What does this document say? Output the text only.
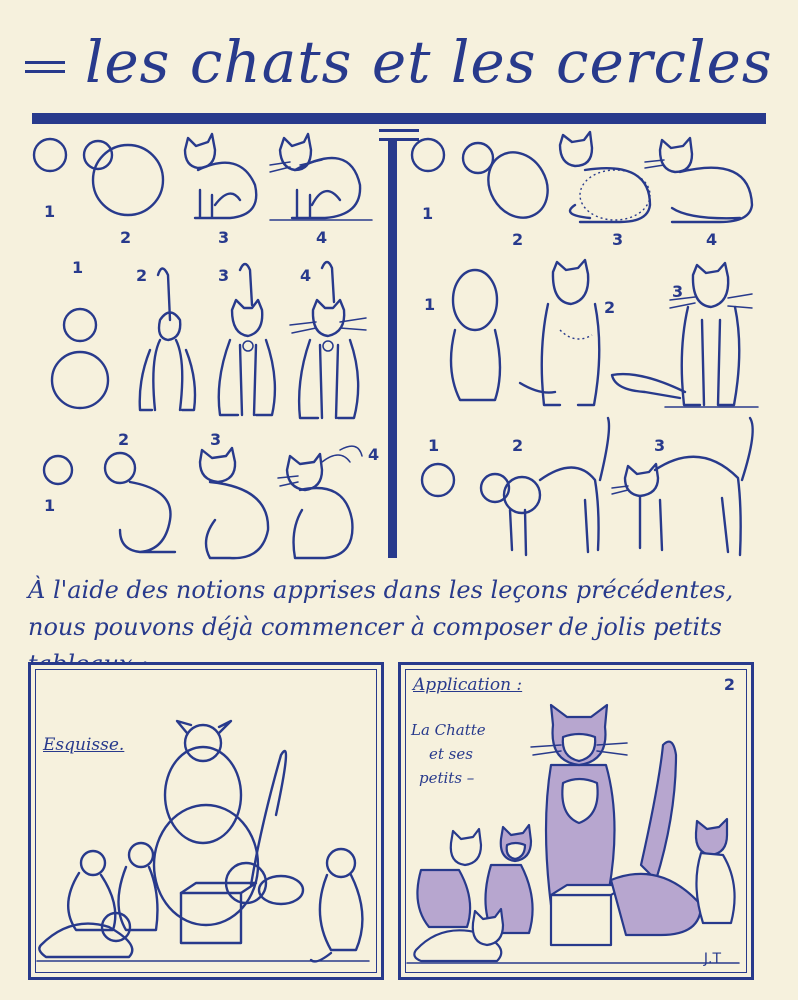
les chats et les cercles
1
2	3	4
1	2	3	4
1
2	3
4
1
2	3	4
1	2
3
1	2	3
À l'aide des notions apprises dans les leçons précédentes, nous pouvons déjà commencer à composer de jolis petits
Esquisse.
Application :	2
La Chatte
et ses
petits –
J.T
